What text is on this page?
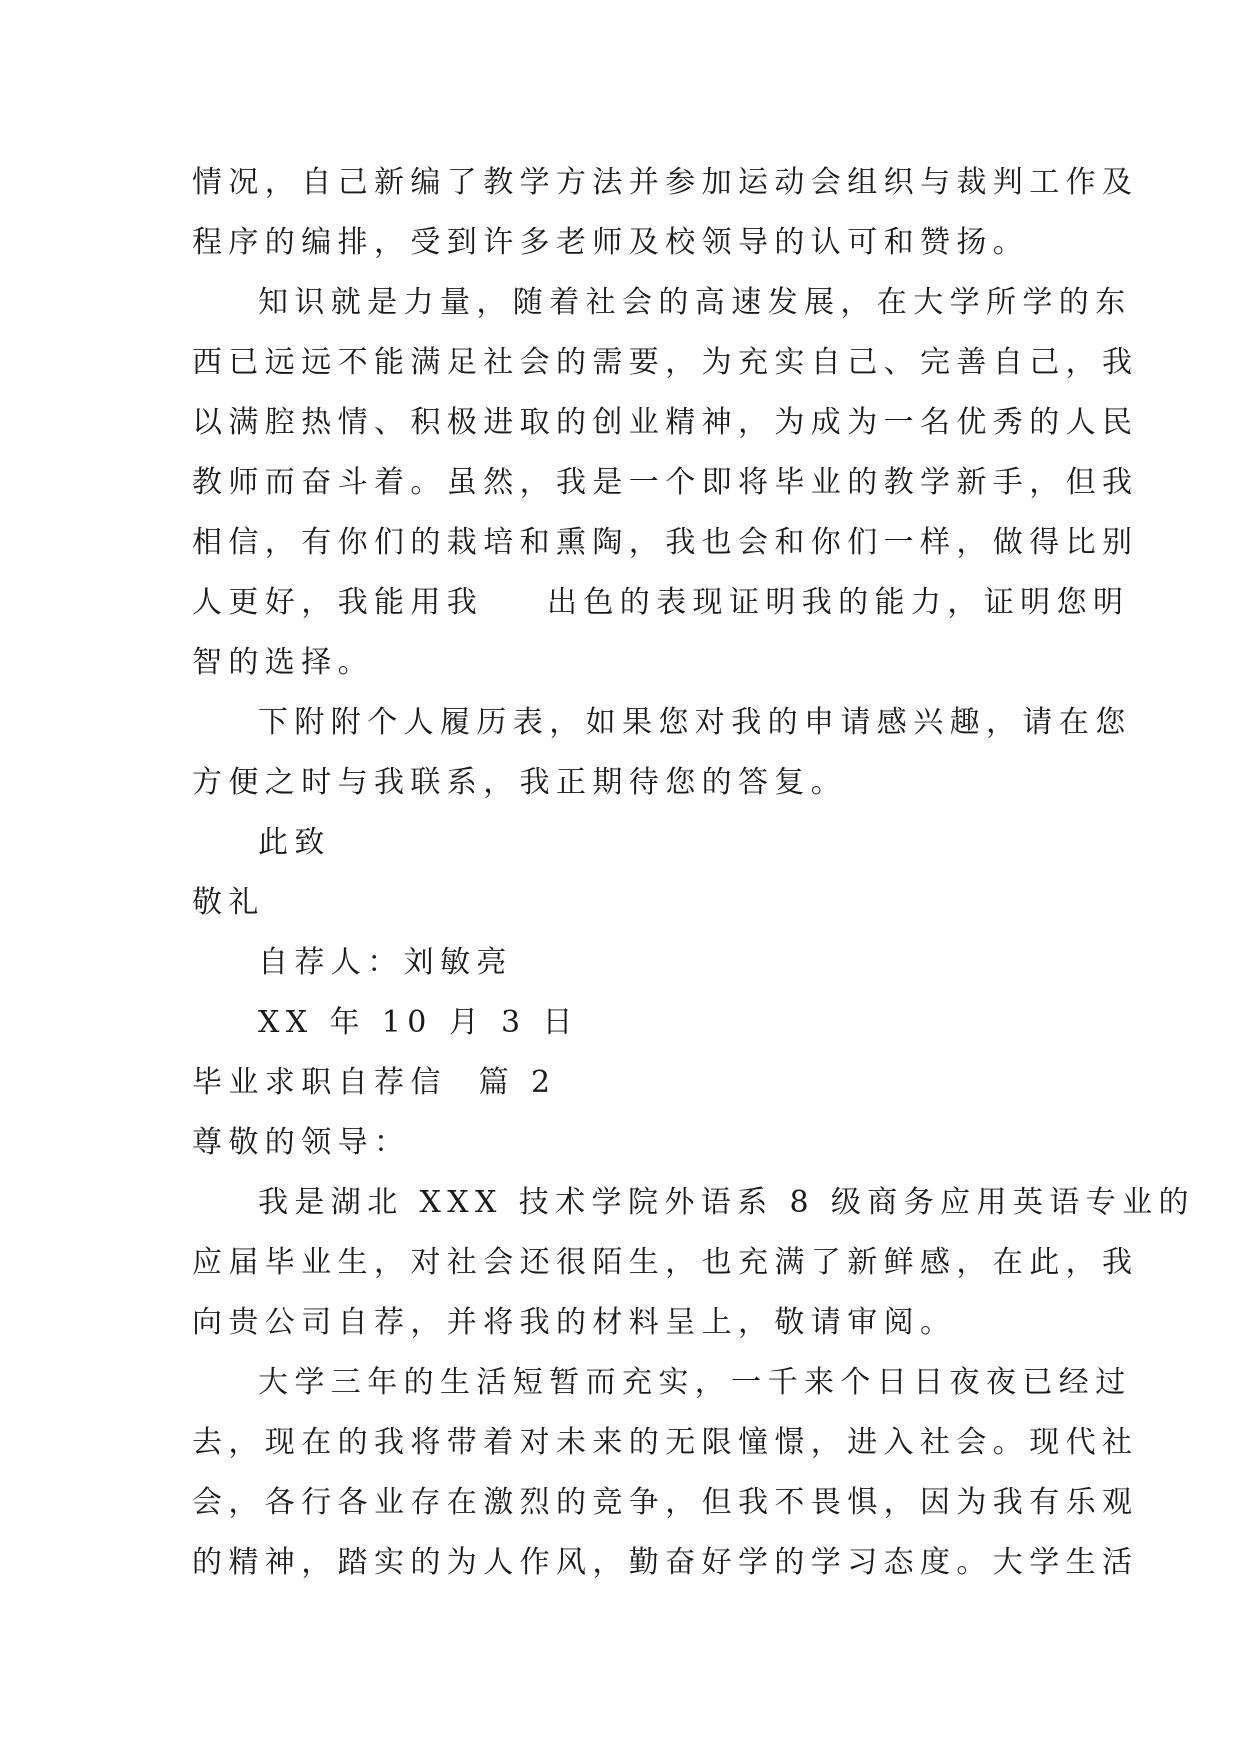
情况，自己新编了教学方法并参加运动会组织与裁判工作及
程序的编排，受到许多老师及校领导的认可和赞扬。
知识就是力量，随着社会的高速发展，在大学所学的东
西已远远不能满足社会的需要，为充实自己、完善自己，我
以满腔热情、积极进取的创业精神，为成为一名优秀的人民
教师而奋斗着。虽然，我是一个即将毕业的教学新手，但我
相信，有你们的栽培和熏陶，我也会和你们一样，做得比别
人更好，我能用我    出色的表现证明我的能力，证明您明
智的选择。
下附附个人履历表，如果您对我的申请感兴趣，请在您
方便之时与我联系，我正期待您的答复。
此致
敬礼
自荐人：刘敏亮
XX 年 10 月 3 日
毕业求职自荐信  篇 2
尊敬的领导：
我是湖北 XXX 技术学院外语系 8 级商务应用英语专业的
应届毕业生，对社会还很陌生，也充满了新鲜感，在此，我
向贵公司自荐，并将我的材料呈上，敬请审阅。
大学三年的生活短暂而充实，一千来个日日夜夜已经过
去，现在的我将带着对未来的无限憧憬，进入社会。现代社
会，各行各业存在激烈的竞争，但我不畏惧，因为我有乐观
的精神，踏实的为人作风，勤奋好学的学习态度。大学生活
